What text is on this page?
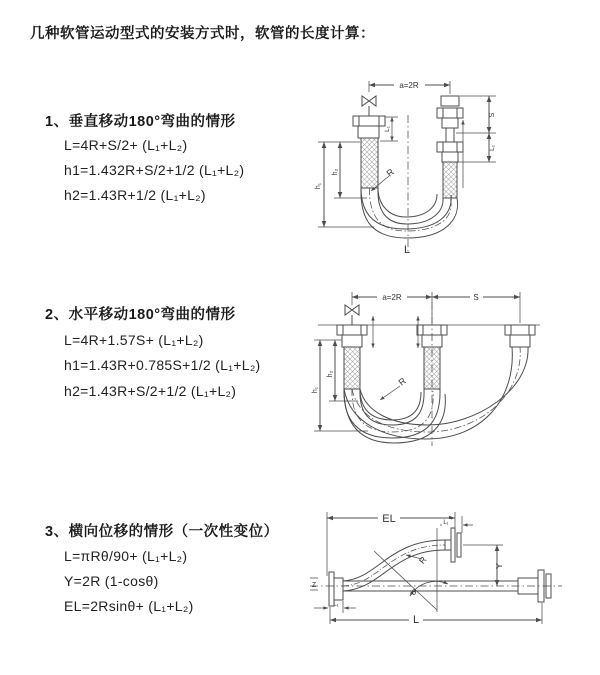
几种软管运动型式的安装方式时，软管的长度计算：
1、垂直移动180°弯曲的情形
L=4R+S/2+ (L₁+L₂)
h1=1.432R+S/2+1/2 (L₁+L₂)
h2=1.43R+1/2 (L₁+L₂)
2、水平移动180°弯曲的情形
L=4R+1.57S+ (L₁+L₂)
h1=1.43R+0.785S+1/2 (L₁+L₂)
h2=1.43R+S/2+1/2 (L₁+L₂)
3、横向位移的情形（一次性变位）
L=πRθ/90+ (L₁+L₂)
Y=2R (1-cosθ)
EL=2Rsinθ+ (L₁+L₂)
a=2R
h₁
h₂
L₁
S
L₁
R
L
a=2R	S
h₁
h₂
R
EL	L₁
Y
R
θ
L
L₁
Z
